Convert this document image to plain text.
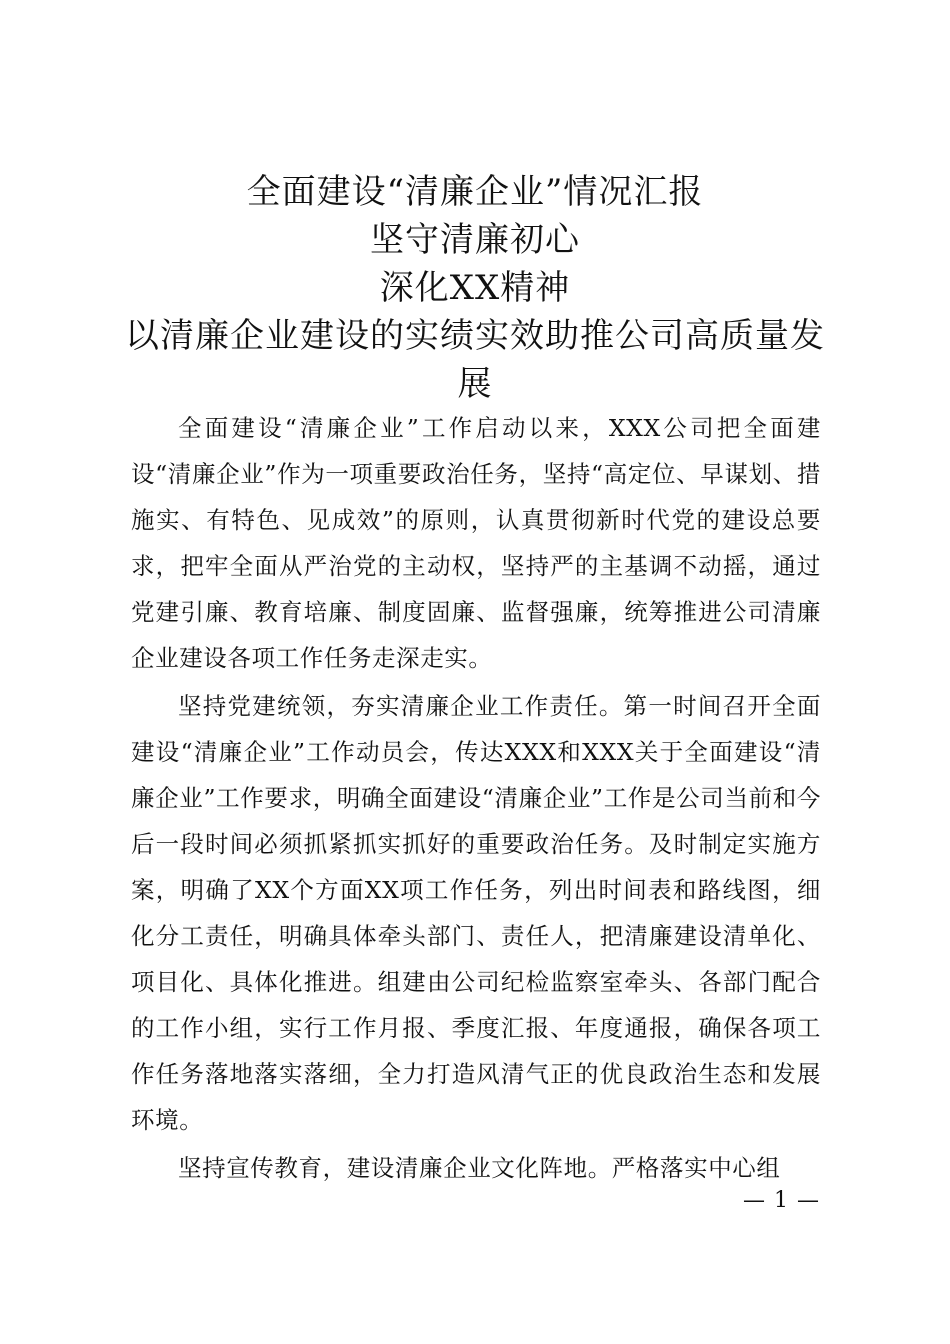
全面建设“清廉企业”情况汇报
坚守清廉初心
深化XX精神
以清廉企业建设的实绩实效助推公司高质量发展

全面建设“清廉企业”工作启动以来，XXX公司把全面建设“清廉企业”作为一项重要政治任务，坚持“高定位、早谋划、措施实、有特色、见成效”的原则，认真贯彻新时代党的建设总要求，把牢全面从严治党的主动权，坚持严的主基调不动摇，通过党建引廉、教育培廉、制度固廉、监督强廉，统筹推进公司清廉企业建设各项工作任务走深走实。

坚持党建统领，夯实清廉企业工作责任。第一时间召开全面建设“清廉企业”工作动员会，传达XXX和XXX关于全面建设“清廉企业”工作要求，明确全面建设“清廉企业”工作是公司当前和今后一段时间必须抓紧抓实抓好的重要政治任务。及时制定实施方案，明确了XX个方面XX项工作任务，列出时间表和路线图，细化分工责任，明确具体牵头部门、责任人，把清廉建设清单化、项目化、具体化推进。组建由公司纪检监察室牵头、各部门配合的工作小组，实行工作月报、季度汇报、年度通报，确保各项工作任务落地落实落细，全力打造风清气正的优良政治生态和发展环境。

坚持宣传教育，建设清廉企业文化阵地。严格落实中心组

— 1 —
